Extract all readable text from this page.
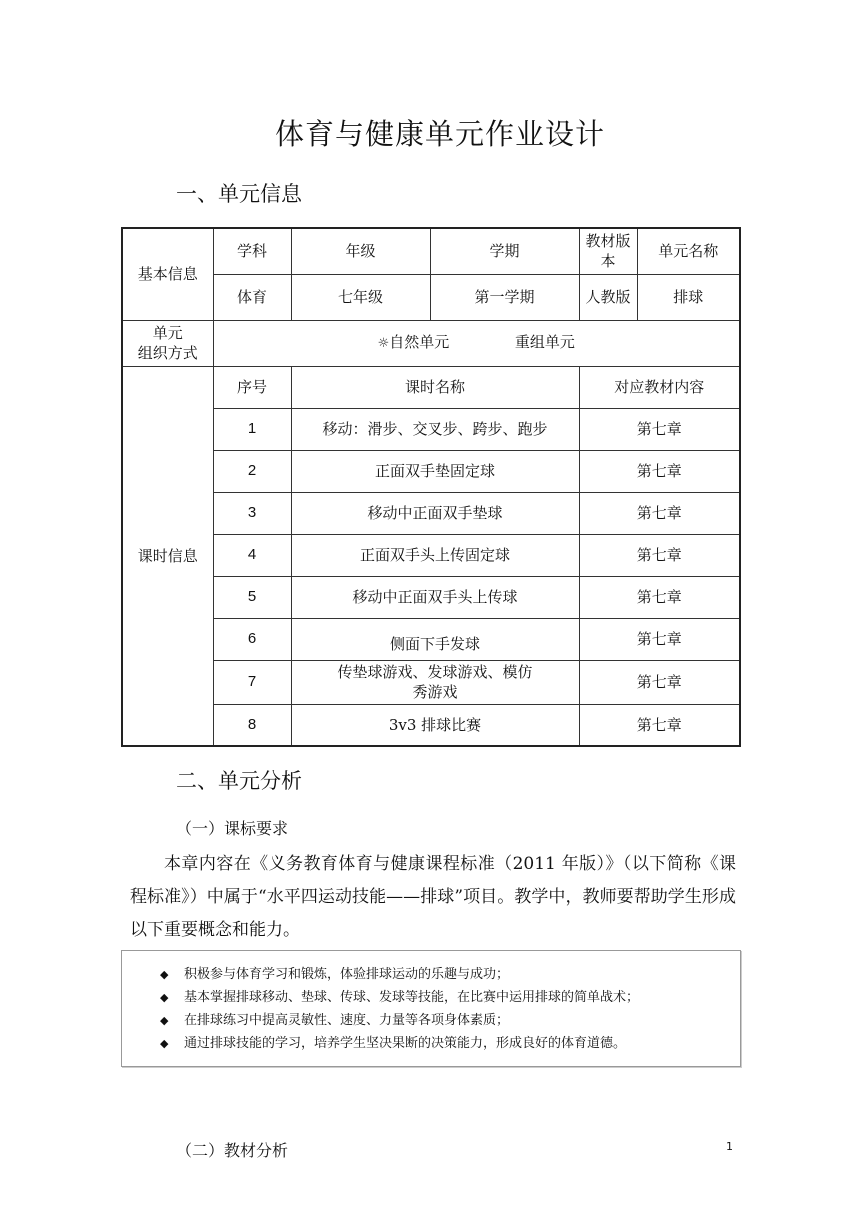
体育与健康单元作业设计
一、单元信息
基本信息	学科	年级	学期	教材版本	单元名称
	体育	七年级	第一学期	人教版	排球

单元
组织方式	☼自然单元 重组单元				
课时信息	序号	课时名称		对应教材内容	
	1	移动：滑步、交叉步、跨步、跑步		第七章	
	2	正面双手垫固定球		第七章	
	3	移动中正面双手垫球		第七章	
	4	正面双手头上传固定球		第七章	
	5	移动中正面双手头上传球		第七章	
	6	侧面下手发球		第七章	
	7	传垫球游戏、发球游戏、模仿秀游戏		第七章	
	8	3v3 排球比赛		第七章	
二、单元分析
（一）课标要求
本章内容在《义务教育体育与健康课程标准（2011 年版）》（以下简称《课程标准》）中属于“水平四运动技能——排球”项目。教学中，教师要帮助学生形成以下重要概念和能力。
◆ 积极参与体育学习和锻炼，体验排球运动的乐趣与成功；
◆ 基本掌握排球移动、垫球、传球、发球等技能，在比赛中运用排球的简单战术；
◆ 在排球练习中提高灵敏性、速度、力量等各项身体素质；
◆ 通过排球技能的学习，培养学生坚决果断的决策能力，形成良好的体育道德。
（二）教材分析	1
